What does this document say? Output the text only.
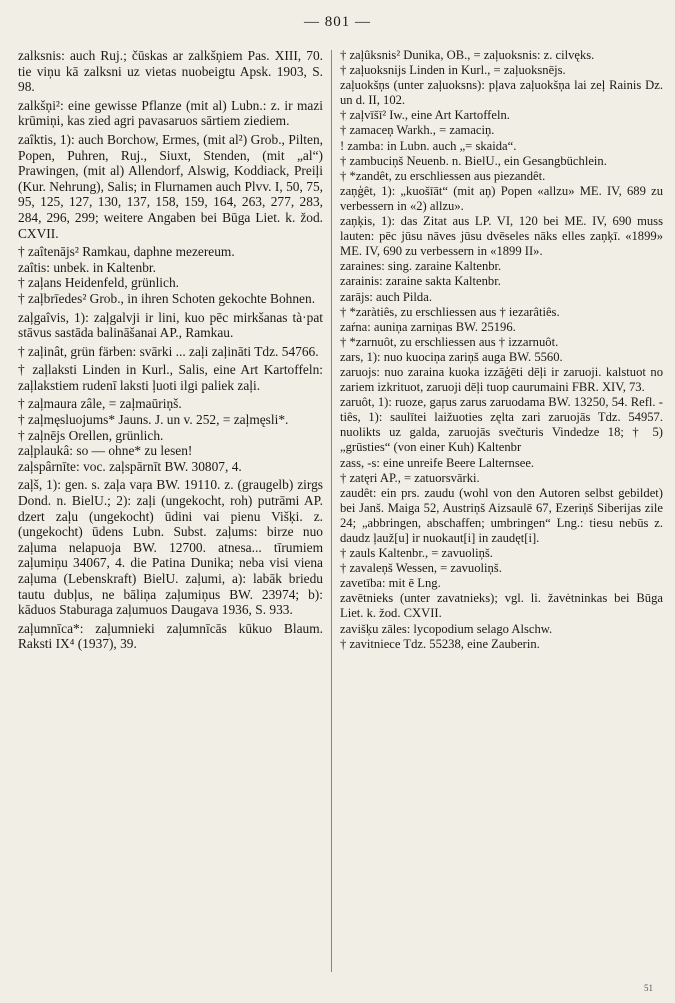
— 801 —

zalksnis: auch Ruj.; čūskas ar zalkšņiem Pas. XIII, 70. tie viņu kā zalksni uz vietas nuobeigtu Apsk. 1903, S. 98.

zalkšņi²: eine gewisse Pflanze (mit al) Lubn.: z. ir mazi krūmiņi, kas zied agri pavasaruos sārtiem ziediem.

zaîktis, 1): auch Borchow, Ermes, (mit al²) Grob., Pilten, Popen, Puhren, Ruj., Siuxt, Stenden, (mit „al“) Prawingen, (mit al) Allendorf, Alswig, Koddiack, Preiļi (Kur. Nehrung), Salis; in Flurnamen auch Plvv. I, 50, 75, 95, 125, 127, 130, 137, 158, 159, 164, 263, 277, 283, 284, 296, 299; weitere Angaben bei Būga Liet. k. žod. CXVII.

† zaîtenājs² Ramkau, daphne mezereum.

zaîtis: unbek. in Kaltenbr.

† zaļans Heidenfeld, grünlich.

† zaļbrīedes² Grob., in ihren Schoten gekochte Bohnen.

zaļgaîvis, 1): zaļgalvji ir lini, kuo pēc mirkšanas tà·pat stāvus sastāda balināšanai AP., Ramkau.

† zaļinât, grün färben: svārki ... zaļi zaļināti Tdz. 54766.

† zaļlaksti Linden in Kurl., Salis, eine Art Kartoffeln: zaļlakstiem rudenī laksti ļuoti ilgi paliek zaļi.

† zaļmaura zâle, = zaļmaūriņš.

† zaļmęsluojums* Jauns. J. un v. 252, = zaļmęsli*.

† zaļnējs Orellen, grünlich.

zaļplaukâ: so — ohne* zu lesen!

zaļspârnīte: voc. zaļspārnīt BW. 30807, 4.

zaļš, 1): gen. s. zaļa vaŗa BW. 19110. z. (graugelb) zirgs Dond. n. BielU.; 2): zaļi (ungekocht, roh) putrāmi AP. dzert zaļu (ungekocht) ūdini vai pienu Višķi. z. (ungekocht) ūdens Lubn. Subst. zaļums: birze nuo zaļuma nelapuoja BW. 12700. atnesa... tīrumiem zaļumiņu 34067, 4. die Patina Dunika; neba visi viena zaļuma (Lebenskraft) BielU. zaļumi, a): labāk briedu tautu dubļus, ne bāliņa zaļumiņus BW. 23974; b): kāduos Staburaga zaļumuos Daugava 1936, S. 933.

zaļumnīca*: zaļumnieki zaļumnīcās kūkuo Blaum. Raksti IX⁴ (1937), 39.

† zaļûksnis² Dunika, OB., = zaļuoksnis: z. cilvęks.

† zaļuoksnijs Linden in Kurl., = zaļuoksnējs.

zaļuokšņs (unter zaļuoksns): pļava zaļuokšņa lai zeļ Rainis Dz. un d. II, 102.

† zaļvīšī² Iw., eine Art Kartoffeln.

† zamaceņ Warkh., = zamaciņ.

! zamba: in Lubn. auch „= skaida“.

† zambuciņš Neuenb. n. BielU., ein Gesangbüchlein.

† *zandêt, zu erschliessen aus piezandêt.

zaņģêt, 1): „kuošīāt“ (mit aņ) Popen «allzu» ME. IV, 689 zu verbessern in «2) allzu».

zaņķis, 1): das Zitat aus LP. VI, 120 bei ME. IV, 690 muss lauten: pēc jūsu nāves jūsu dvēseles nāks elles zaņķī. «1899» ME. IV, 690 zu verbessern in «1899 II».

zaraines: sing. zaraine Kaltenbr.

zarainis: zaraine sakta Kaltenbr.

zarājs: auch Pilda.

† *zaràtiês, zu erschliessen aus † iezarâtiês.

zaŕna: auniņa zarniņas BW. 25196.

† *zarnuôt, zu erschliessen aus † izzarnuôt.

zars, 1): nuo kuociņa zariņš auga BW. 5560.

zaruojs: nuo zaraina kuoka izzāģēti dēļi ir zaruoji. kalstuot no zariem izkrituot, zaruoji dēļi tuop caurumaini FBR. XIV, 73.

zaruôt, 1): ruoze, gaŗus zarus zaruodama BW. 13250, 54. Refl. -tiês, 1): saulītei laižuoties zęlta zari zaruojās Tdz. 54957. nuolikts uz galda, zaruojās svečturis Vindedze 18; † 5) „grūsties“ (von einer Kuh) Kaltenbr

zass, -s: eine unreife Beere Lalternsee.

† zatęri AP., = zatuorsvārki.

zaudêt: ein prs. zaudu (wohl von den Autoren selbst gebildet) bei Janš. Maiga 52, Austriņš Aizsaulē 67, Ezeriņš Siberijas zile 24; „abbringen, abschaffen; umbringen“ Lng.: tiesu nebūs z. daudz ļauž[u] ir nuokaut[i] in zaudęt[i].

† zauls Kaltenbr., = zavuoliņš.

† zavaleņš Wessen, = zavuoliņš.

zavetība: mit ē Lng.

zavētnieks (unter zavatnieks); vgl. li. žavėtninkas bei Būga Liet. k. žod. CXVII.

zavišķu zāles: lycopodium selago Alschw.

† zavitniece Tdz. 55238, eine Zauberin.

51
